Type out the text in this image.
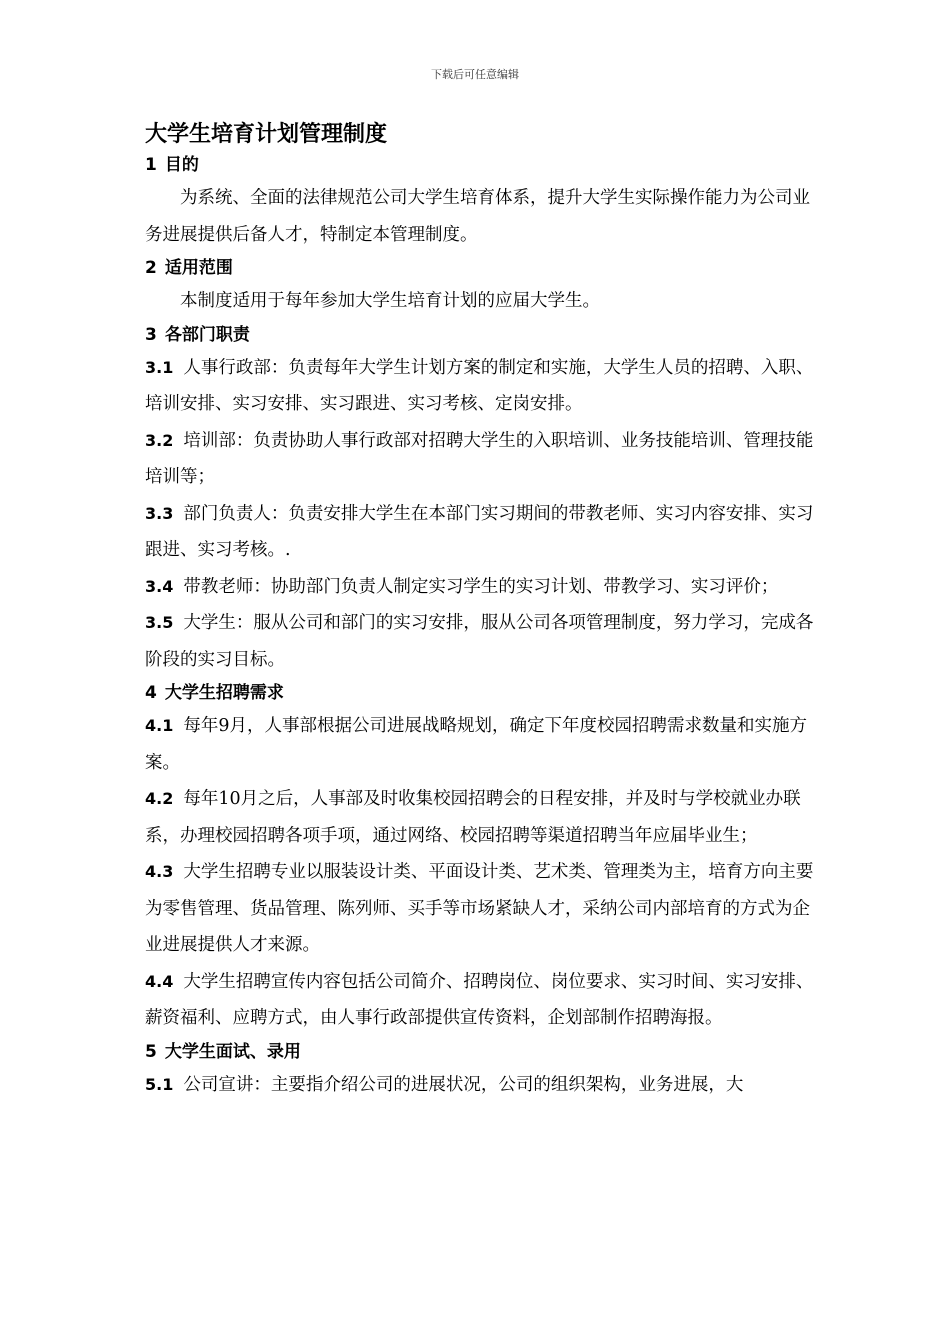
下载后可任意编辑
大学生培育计划管理制度
1 目的

为系统、全面的法律规范公司大学生培育体系，提升大学生实际操作能力为公司业务进展提供后备人才，特制定本管理制度。

2 适用范围

本制度适用于每年参加大学生培育计划的应届大学生。

3 各部门职责

3.1 人事行政部：负责每年大学生计划方案的制定和实施，大学生人员的招聘、入职、培训安排、实习安排、实习跟进、实习考核、定岗安排。

3.2 培训部：负责协助人事行政部对招聘大学生的入职培训、业务技能培训、管理技能培训等；

3.3 部门负责人：负责安排大学生在本部门实习期间的带教老师、实习内容安排、实习跟进、实习考核。.

3.4 带教老师：协助部门负责人制定实习学生的实习计划、带教学习、实习评价；

3.5 大学生：服从公司和部门的实习安排，服从公司各项管理制度，努力学习，完成各阶段的实习目标。

4 大学生招聘需求

4.1 每年9月，人事部根据公司进展战略规划，确定下年度校园招聘需求数量和实施方案。

4.2 每年10月之后，人事部及时收集校园招聘会的日程安排，并及时与学校就业办联系，办理校园招聘各项手项，通过网络、校园招聘等渠道招聘当年应届毕业生；

4.3 大学生招聘专业以服装设计类、平面设计类、艺术类、管理类为主，培育方向主要为零售管理、货品管理、陈列师、买手等市场紧缺人才，采纳公司内部培育的方式为企业进展提供人才来源。

4.4 大学生招聘宣传内容包括公司简介、招聘岗位、岗位要求、实习时间、实习安排、薪资福利、应聘方式，由人事行政部提供宣传资料，企划部制作招聘海报。

5 大学生面试、录用

5.1 公司宣讲：主要指介绍公司的进展状况，公司的组织架构，业务进展，大
